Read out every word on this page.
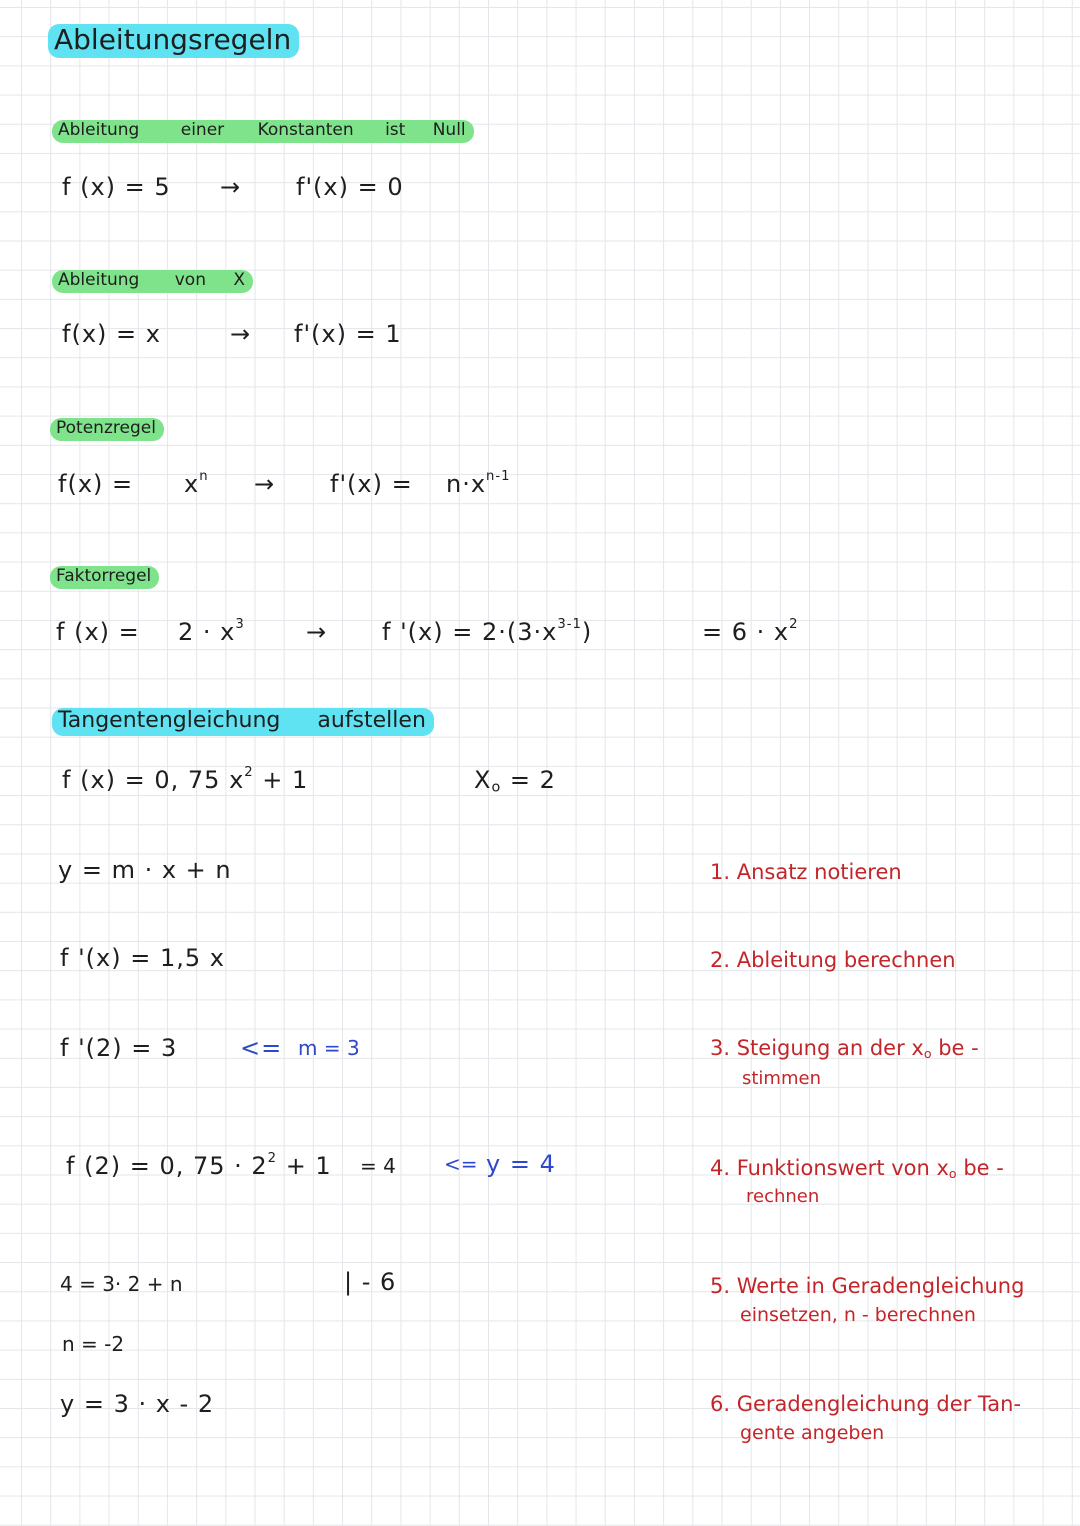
Ableitungsregeln
Ableitung einer Konstanten ist Null
f (x) = 5 → f'(x) = 0
Ableitung von X
f(x) = x	→ f'(x) = 1
Potenzregel
$f(x) = x^n \to f'(x) = n\cdot x^{n-1}$
Faktorregel
f $(x) = 2 \cdot x^3$	→ f '$(x) = 2\cdot(3\cdot x^{3-1})$	= $6 \cdot x^2$
Tangentengleichung aufstellen
f (x) = 0, 75 $x^2 + 1$	$X_o = 2$
y = m · x + n
f '(x) = 1,5 x
f '(2) = 3	<= m = 3
f (2) = 0, $75 \cdot 2^2 + 1 = 4 <= y = 4$
4 = 3· 2 + n	| - 6
n = -2
y = 3 · x - 2
1. Ansatz notieren
2. Ableitung berechnen
3. Steigung an der $x_o$ be -
stimmen
4. Funktionswert von $x_o$ be -
rechnen
5. Werte in Geradengleichung
einsetzen, n - berechnen
6. Geradengleichung der Tan-
gente angeben
